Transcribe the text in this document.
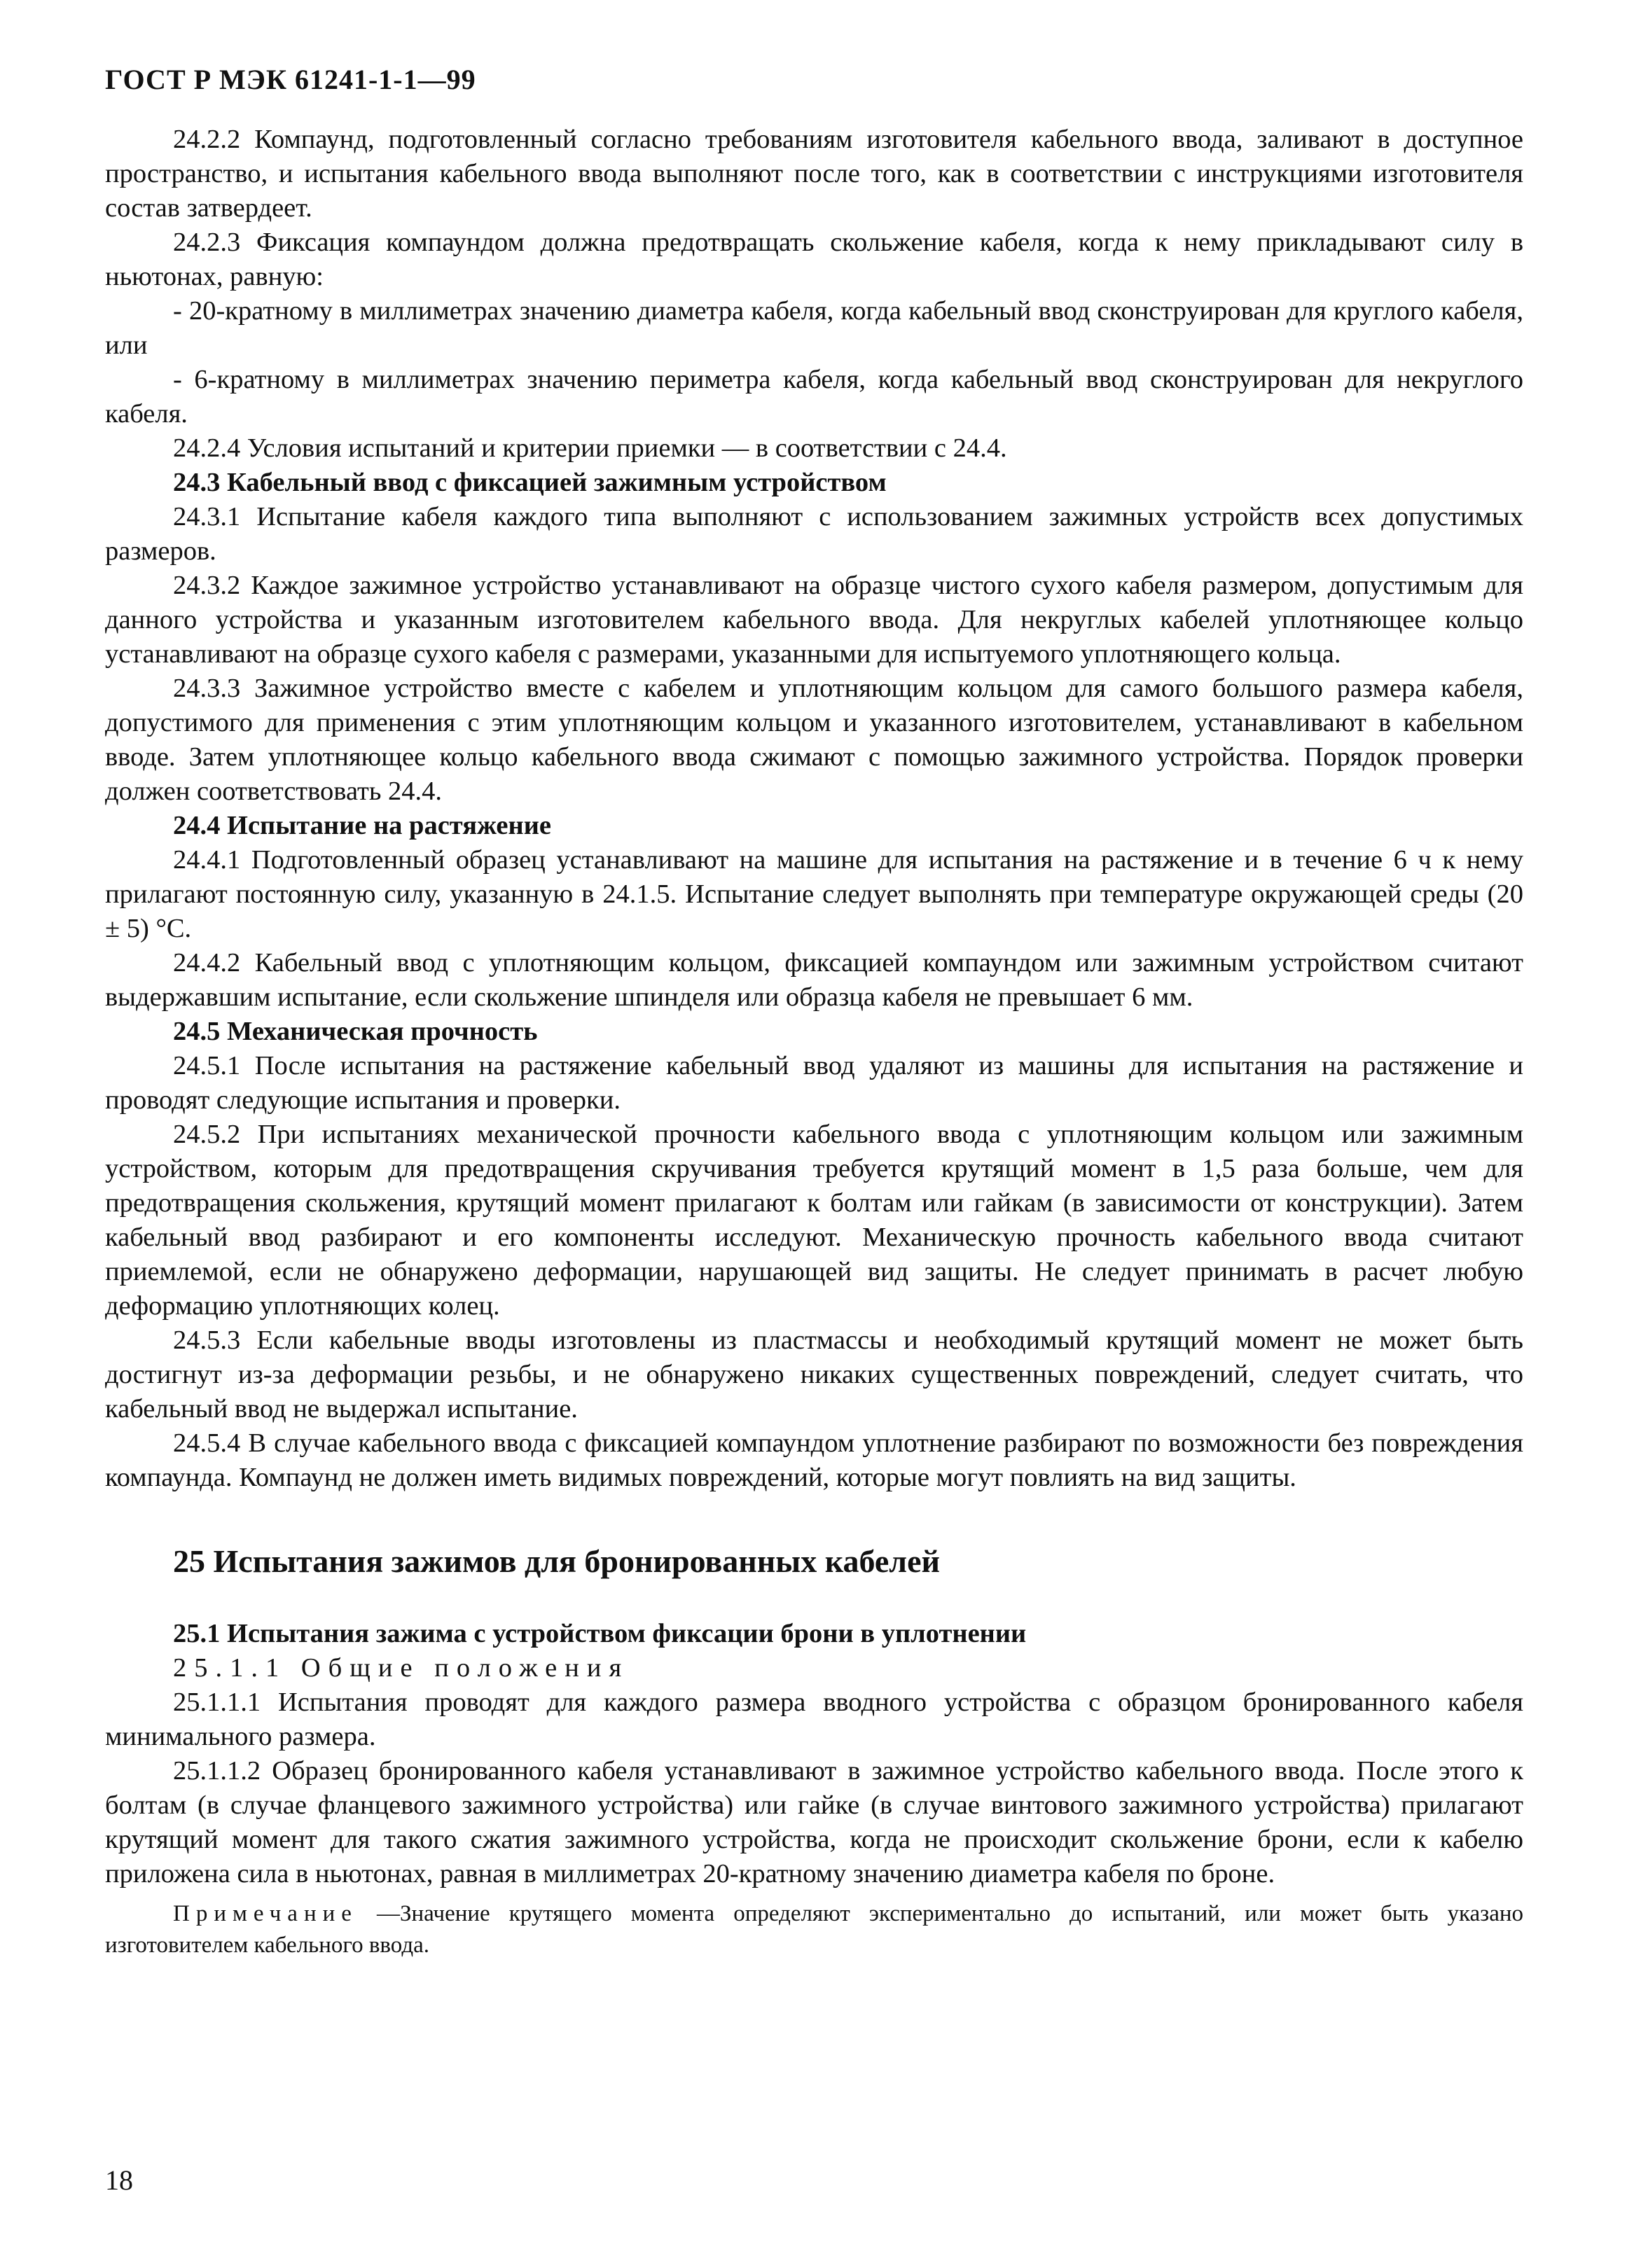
ГОСТ Р МЭК 61241-1-1—99

24.2.2 Компаунд, подготовленный согласно требованиям изготовителя кабельного ввода, заливают в доступное пространство, и испытания кабельного ввода выполняют после того, как в соответствии с инструкциями изготовителя состав затвердеет.

24.2.3 Фиксация компаундом должна предотвращать скольжение кабеля, когда к нему прикладывают силу в ньютонах, равную:

- 20-кратному в миллиметрах значению диаметра кабеля, когда кабельный ввод сконструирован для круглого кабеля, или

- 6-кратному в миллиметрах значению периметра кабеля, когда кабельный ввод сконструирован для некруглого кабеля.

24.2.4 Условия испытаний и критерии приемки — в соответствии с 24.4.

24.3 Кабельный ввод с фиксацией зажимным устройством

24.3.1 Испытание кабеля каждого типа выполняют с использованием зажимных устройств всех допустимых размеров.

24.3.2 Каждое зажимное устройство устанавливают на образце чистого сухого кабеля размером, допустимым для данного устройства и указанным изготовителем кабельного ввода. Для некруглых кабелей уплотняющее кольцо устанавливают на образце сухого кабеля с размерами, указанными для испытуемого уплотняющего кольца.

24.3.3 Зажимное устройство вместе с кабелем и уплотняющим кольцом для самого большого размера кабеля, допустимого для применения с этим уплотняющим кольцом и указанного изготовителем, устанавливают в кабельном вводе. Затем уплотняющее кольцо кабельного ввода сжимают с помощью зажимного устройства. Порядок проверки должен соответствовать 24.4.

24.4 Испытание на растяжение

24.4.1 Подготовленный образец устанавливают на машине для испытания на растяжение и в течение 6 ч к нему прилагают постоянную силу, указанную в 24.1.5. Испытание следует выполнять при температуре окружающей среды (20 ± 5) °С.

24.4.2 Кабельный ввод с уплотняющим кольцом, фиксацией компаундом или зажимным устройством считают выдержавшим испытание, если скольжение шпинделя или образца кабеля не превышает 6 мм.

24.5 Механическая прочность

24.5.1 После испытания на растяжение кабельный ввод удаляют из машины для испытания на растяжение и проводят следующие испытания и проверки.

24.5.2 При испытаниях механической прочности кабельного ввода с уплотняющим кольцом или зажимным устройством, которым для предотвращения скручивания требуется крутящий момент в 1,5 раза больше, чем для предотвращения скольжения, крутящий момент прилагают к болтам или гайкам (в зависимости от конструкции). Затем кабельный ввод разбирают и его компоненты исследуют. Механическую прочность кабельного ввода считают приемлемой, если не обнаружено деформации, нарушающей вид защиты. Не следует принимать в расчет любую деформацию уплотняющих колец.

24.5.3 Если кабельные вводы изготовлены из пластмассы и необходимый крутящий момент не может быть достигнут из-за деформации резьбы, и не обнаружено никаких существенных повреждений, следует считать, что кабельный ввод не выдержал испытание.

24.5.4 В случае кабельного ввода с фиксацией компаундом уплотнение разбирают по возможности без повреждения компаунда. Компаунд не должен иметь видимых повреждений, которые могут повлиять на вид защиты.

25 Испытания зажимов для бронированных кабелей

25.1 Испытания зажима с устройством фиксации брони в уплотнении

25.1.1 Общие положения

25.1.1.1 Испытания проводят для каждого размера вводного устройства с образцом бронированного кабеля минимального размера.

25.1.1.2 Образец бронированного кабеля устанавливают в зажимное устройство кабельного ввода. После этого к болтам (в случае фланцевого зажимного устройства) или гайке (в случае винтового зажимного устройства) прилагают крутящий момент для такого сжатия зажимного устройства, когда не происходит скольжение брони, если к кабелю приложена сила в ньютонах, равная в миллиметрах 20-кратному значению диаметра кабеля по броне.

Примечание —Значение крутящего момента определяют экспериментально до испытаний, или может быть указано изготовителем кабельного ввода.
18
